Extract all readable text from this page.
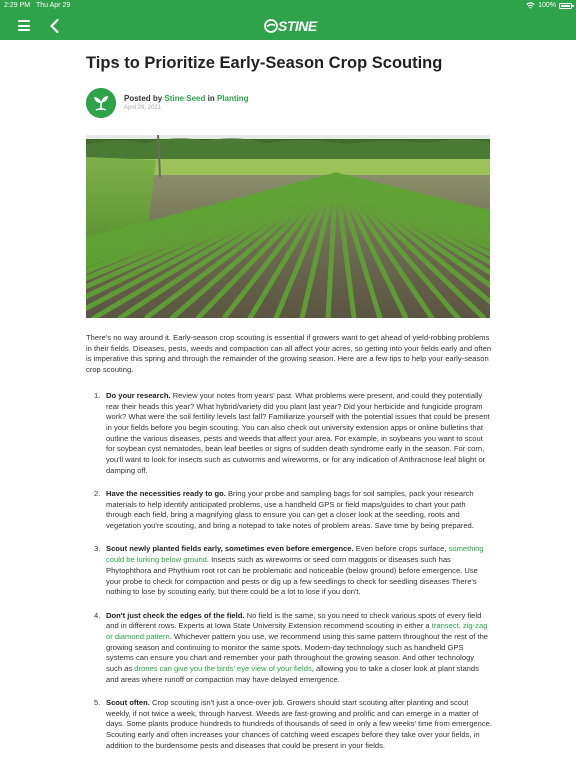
2:29 PM Thu Apr 29	100%
STINE
Tips to Prioritize Early-Season Crop Scouting
Posted by Stine Seed in Planting
April 29, 2021

There's no way around it. Early-season crop scouting is essential if growers want to get ahead of yield-robbing problems in their fields. Diseases, pests, weeds and compaction can all affect your acres, so getting into your fields early and often is imperative this spring and through the remainder of the growing season. Here are a few tips to help your early-season crop scouting.

1. Do your research. Review your notes from years' past. What problems were present, and could they potentially rear their heads this year? What hybrid/variety did you plant last year? Did your herbicide and fungicide program work? What were the soil fertility levels last fall? Familiarize yourself with the potential issues that could be present in your fields before you begin scouting. You can also check out university extension apps or online bulletins that outline the various diseases, pests and weeds that affect your area. For example, in soybeans you want to scout for soybean cyst nematodes, bean leaf beetles or signs of sudden death syndrome early in the season. For corn, you'll want to look for insects such as cutworms and wireworms, or for any indication of Anthracnose leaf blight or damping off.
2. Have the necessities ready to go. Bring your probe and sampling bags for soil samples, pack your research materials to help identify anticipated problems, use a handheld GPS or field maps/guides to chart your path through each field, bring a magnifying glass to ensure you can get a closer look at the seedling, roots and vegetation you're scouting, and bring a notepad to take notes of problem areas. Save time by being prepared.
3. Scout newly planted fields early, sometimes even before emergence. Even before crops surface, something could be lurking below ground. Insects such as wireworms or seed corn maggots or diseases such has Phytophthora and Phythium root rot can be problematic and noticeable (below ground) before emergence. Use your probe to check for compaction and pests or dig up a few seedlings to check for seedling diseases There's nothing to lose by scouting early, but there could be a lot to lose if you don't.
4. Don't just check the edges of the field. No field is the same, so you need to check various spots of every field and in different rows. Experts at Iowa State University Extension recommend scouting in either a transect, zig-zag or diamond pattern. Whichever pattern you use, we recommend using this same pattern throughout the rest of the growing season and continuing to monitor the same spots. Modern-day technology such as handheld GPS systems can ensure you chart and remember your path throughout the growing season. And other technology such as drones can give you the birds' eye view of your fields, allowing you to take a closer look at plant stands and areas where runoff or compaction may have delayed emergence.
5. Scout often. Crop scouting isn't just a once-over job. Growers should start scouting after planting and scout weekly, if not twice a week, through harvest. Weeds are fast-growing and prolific and can emerge in a matter of days. Some plants produce hundreds to hundreds of thousands of seed in only a few weeks' time from emergence. Scouting early and often increases your chances of catching weed escapes before they take over your fields, in addition to the burdensome pests and diseases that could be present in your fields.
